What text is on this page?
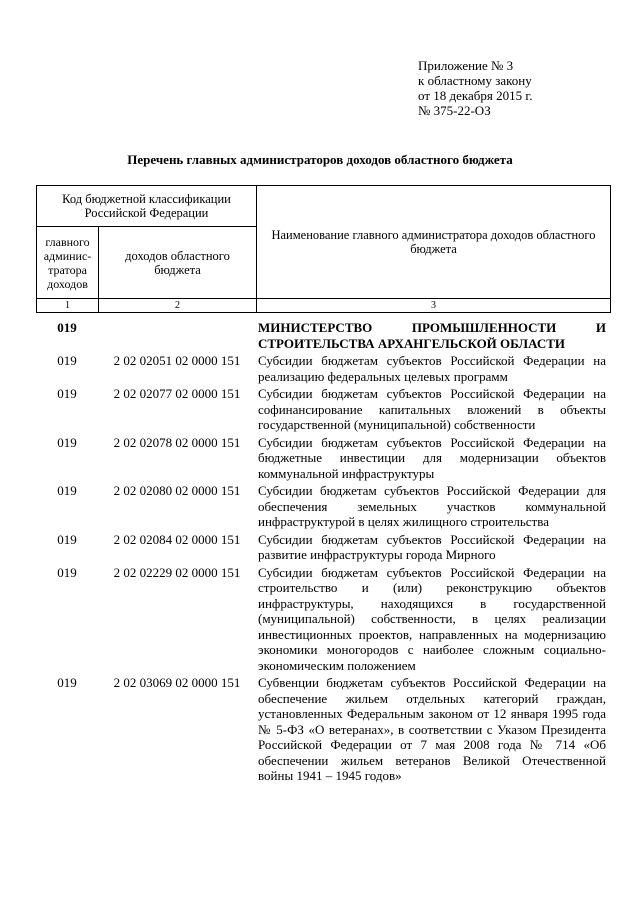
Приложение № 3
к областному закону
от 18 декабря 2015 г.
№ 375-22-ОЗ
Перечень главных администраторов доходов областного бюджета
Код бюджетной классификации Российской Федерации		Наименование главного администратора доходов областного бюджета
главного админис-тратора доходов	доходов областного бюджета	
1	2	3
019		МИНИСТЕРСТВО ПРОМЫШЛЕННОСТИ И СТРОИТЕЛЬСТВА АРХАНГЕЛЬСКОЙ ОБЛАСТИ
019	2 02 02051 02 0000 151	Субсидии бюджетам субъектов Российской Федерации на реализацию федеральных целевых программ
019	2 02 02077 02 0000 151	Субсидии бюджетам субъектов Российской Федерации на софинансирование капитальных вложений в объекты государственной (муниципальной) собственности
019	2 02 02078 02 0000 151	Субсидии бюджетам субъектов Российской Федерации на бюджетные инвестиции для модернизации объектов коммунальной инфраструктуры
019	2 02 02080 02 0000 151	Субсидии бюджетам субъектов Российской Федерации для обеспечения земельных участков коммунальной инфраструктурой в целях жилищного строительства
019	2 02 02084 02 0000 151	Субсидии бюджетам субъектов Российской Федерации на развитие инфраструктуры города Мирного
019	2 02 02229 02 0000 151	Субсидии бюджетам субъектов Российской Федерации на строительство и (или) реконструкцию объектов инфраструктуры, находящихся в государственной (муниципальной) собственности, в целях реализации инвестиционных проектов, направленных на модернизацию экономики моногородов с наиболее сложным социально-экономическим положением
019	2 02 03069 02 0000 151	Субвенции бюджетам субъектов Российской Федерации на обеспечение жильем отдельных категорий граждан, установленных Федеральным законом от 12 января 1995 года № 5-ФЗ «О ветеранах», в соответствии с Указом Президента Российской Федерации от 7 мая 2008 года № 714 «Об обеспечении жильем ветеранов Великой Отечественной войны 1941 – 1945 годов»
